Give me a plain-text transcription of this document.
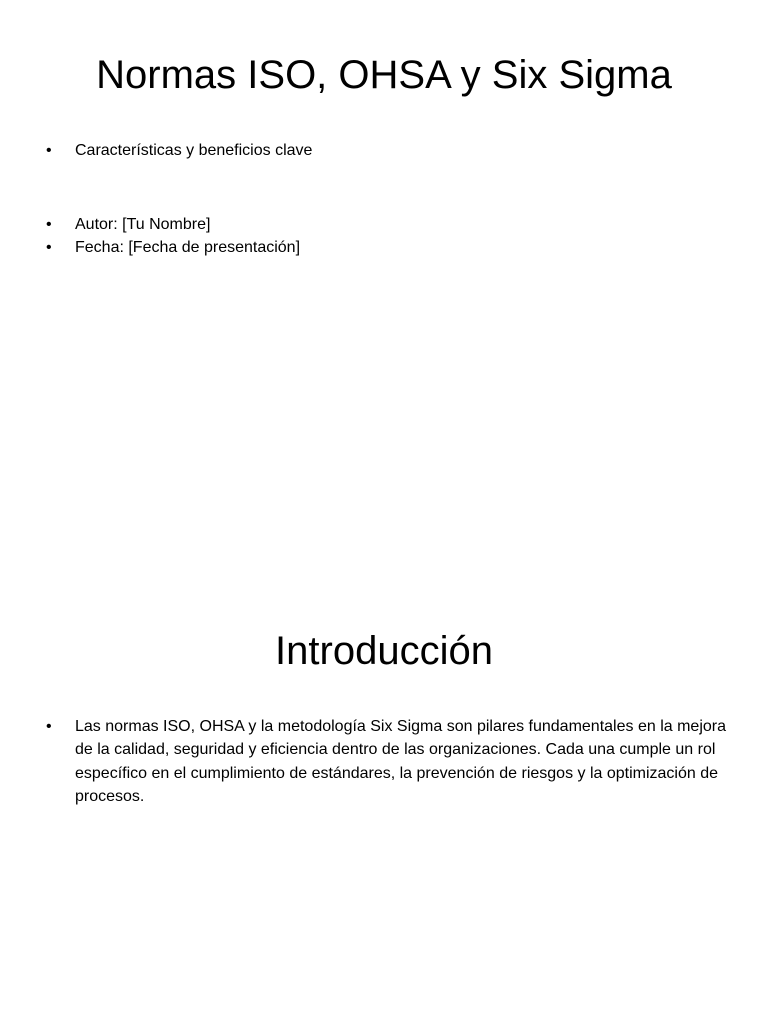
Normas ISO, OHSA y Six Sigma
• Características y beneficios clave
• Autor: [Tu Nombre]
• Fecha: [Fecha de presentación]
Introducción
• Las normas ISO, OHSA y la metodología Six Sigma son pilares fundamentales en la mejora de la calidad, seguridad y eficiencia dentro de las organizaciones. Cada una cumple un rol específico en el cumplimiento de estándares, la prevención de riesgos y la optimización de procesos.
